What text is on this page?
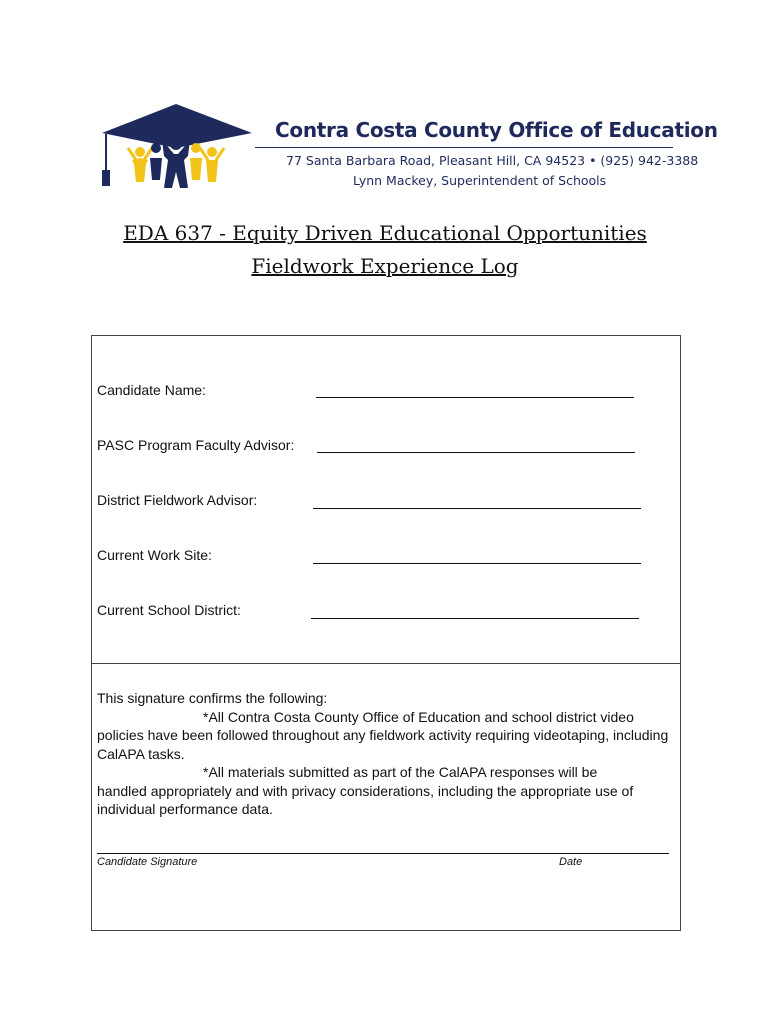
Contra Costa County Office of Education
77 Santa Barbara Road, Pleasant Hill, CA 94523 • (925) 942-3388
Lynn Mackey, Superintendent of Schools
EDA 637 - Equity Driven Educational Opportunities
Fieldwork Experience Log
Candidate Name:
PASC Program Faculty Advisor:
District Fieldwork Advisor:
Current Work Site:
Current School District:

This signature confirms the following:

*All Contra Costa County Office of Education and school district video

policies have been followed throughout any fieldwork activity requiring videotaping, including CalAPA tasks.

*All materials submitted as part of the CalAPA responses will be

handled appropriately and with privacy considerations, including the appropriate use of individual performance data.

Candidate Signature	Date
